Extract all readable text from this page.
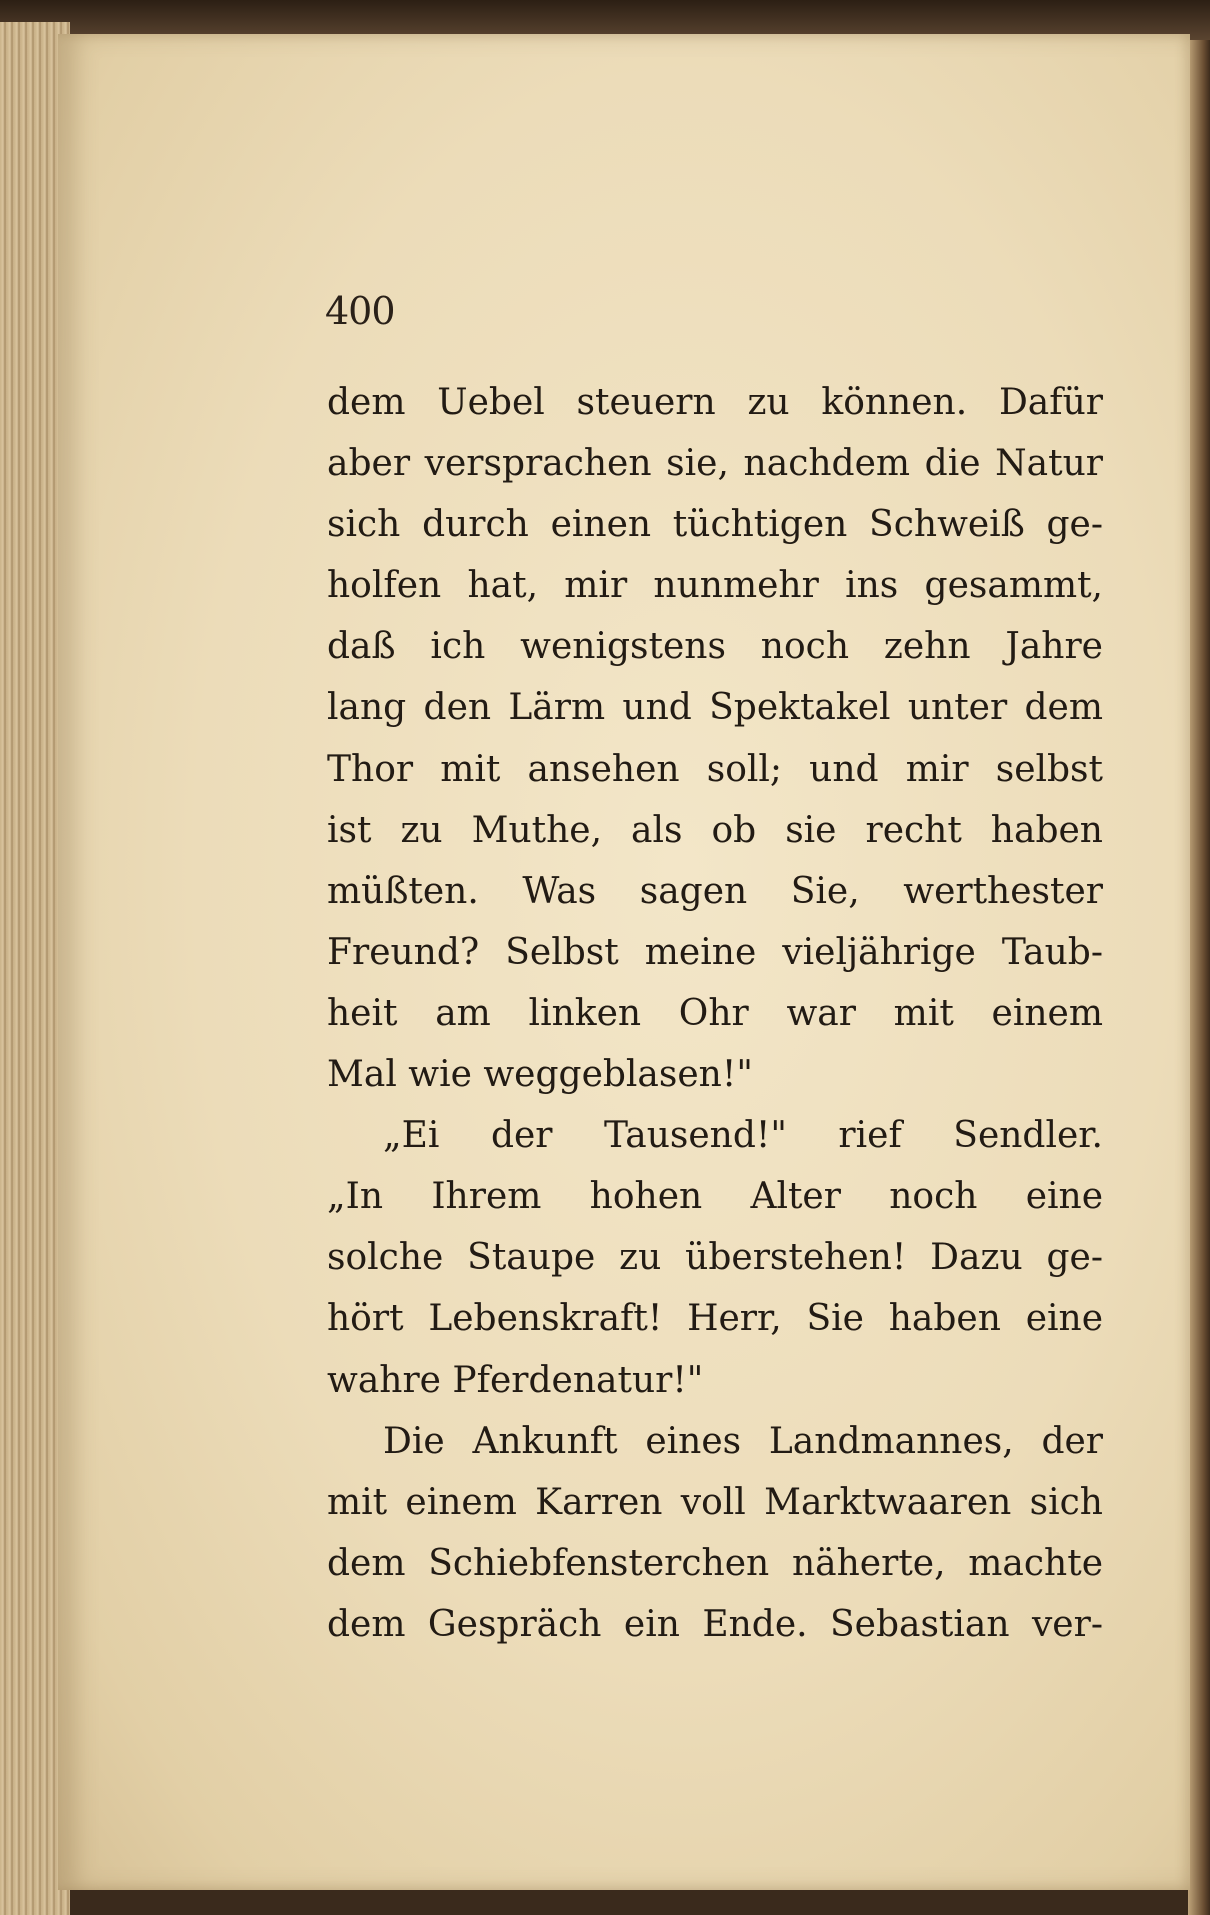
400
dem Uebel steuern zu können. Dafür
aber versprachen sie, nachdem die Natur
sich durch einen tüchtigen Schweiß ge-
holfen hat, mir nunmehr ins gesammt,
daß ich wenigstens noch zehn Jahre
lang den Lärm und Spektakel unter dem
Thor mit ansehen soll; und mir selbst
ist zu Muthe, als ob sie recht haben
müßten. Was sagen Sie, werthester
Freund? Selbst meine vieljährige Taub-
heit am linken Ohr war mit einem
Mal wie weggeblasen!"
„Ei der Tausend!" rief Sendler.
„In Ihrem hohen Alter noch eine
solche Staupe zu überstehen! Dazu ge-
hört Lebenskraft! Herr, Sie haben eine
wahre Pferdenatur!"
Die Ankunft eines Landmannes, der
mit einem Karren voll Marktwaaren sich
dem Schiebfensterchen näherte, machte
dem Gespräch ein Ende. Sebastian ver-
